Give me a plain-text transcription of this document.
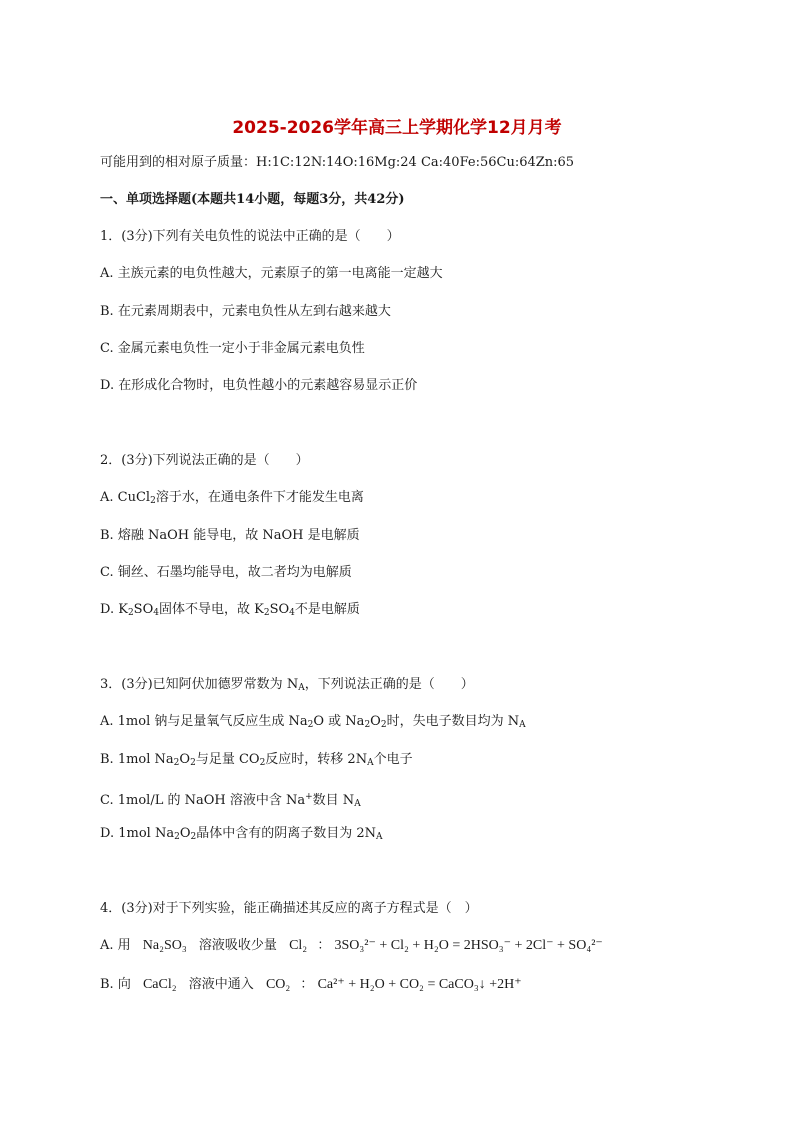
2025-2026学年高三上学期化学12月月考
可能用到的相对原子质量：H:1C:12N:14O:16Mg:24 Ca:40Fe:56Cu:64Zn:65
一、单项选择题(本题共14小题，每题3分，共42分)
1．(3分)下列有关电负性的说法中正确的是（　　）
A. 主族元素的电负性越大，元素原子的第一电离能一定越大
B. 在元素周期表中，元素电负性从左到右越来越大
C. 金属元素电负性一定小于非金属元素电负性
D. 在形成化合物时，电负性越小的元素越容易显示正价
2．(3分)下列说法正确的是（　　）
A. CuCl$_2$溶于水，在通电条件下才能发生电离
B. 熔融 NaOH 能导电，故 NaOH 是电解质
C. 铜丝、石墨均能导电，故二者均为电解质
D. $K_2SO_4$固体不导电，故 $K_2SO_4$不是电解质
3．(3分)已知阿伏加德罗常数为 $N_A$，下列说法正确的是（　　）
A. 1mol 钠与足量氧气反应生成 $Na_2O$ 或 $Na_2O_2$时，失电子数目均为 $N_A$
B. 1mol $Na_2O_2$与足量 $CO_2$反应时，转移 $2N_A$个电子
C. 1mol/L 的 NaOH 溶液中含 Na+数目 $N_A$
D. 1mol $Na_2O_2$晶体中含有的阴离子数目为 $2N_A$
4．(3分)对于下列实验，能正确描述其反应的离子方程式是（　）
A. 用 Na₂SO₃ 溶液吸收少量 Cl₂ ： 3SO₃²⁻ + Cl₂ + H₂O = 2HSO₃⁻ + 2Cl⁻ + SO₄²⁻
B. 向 CaCl₂ 溶液中通入 CO₂ ： Ca²⁺ + H₂O + CO₂ = CaCO₃↓ +2H⁺
